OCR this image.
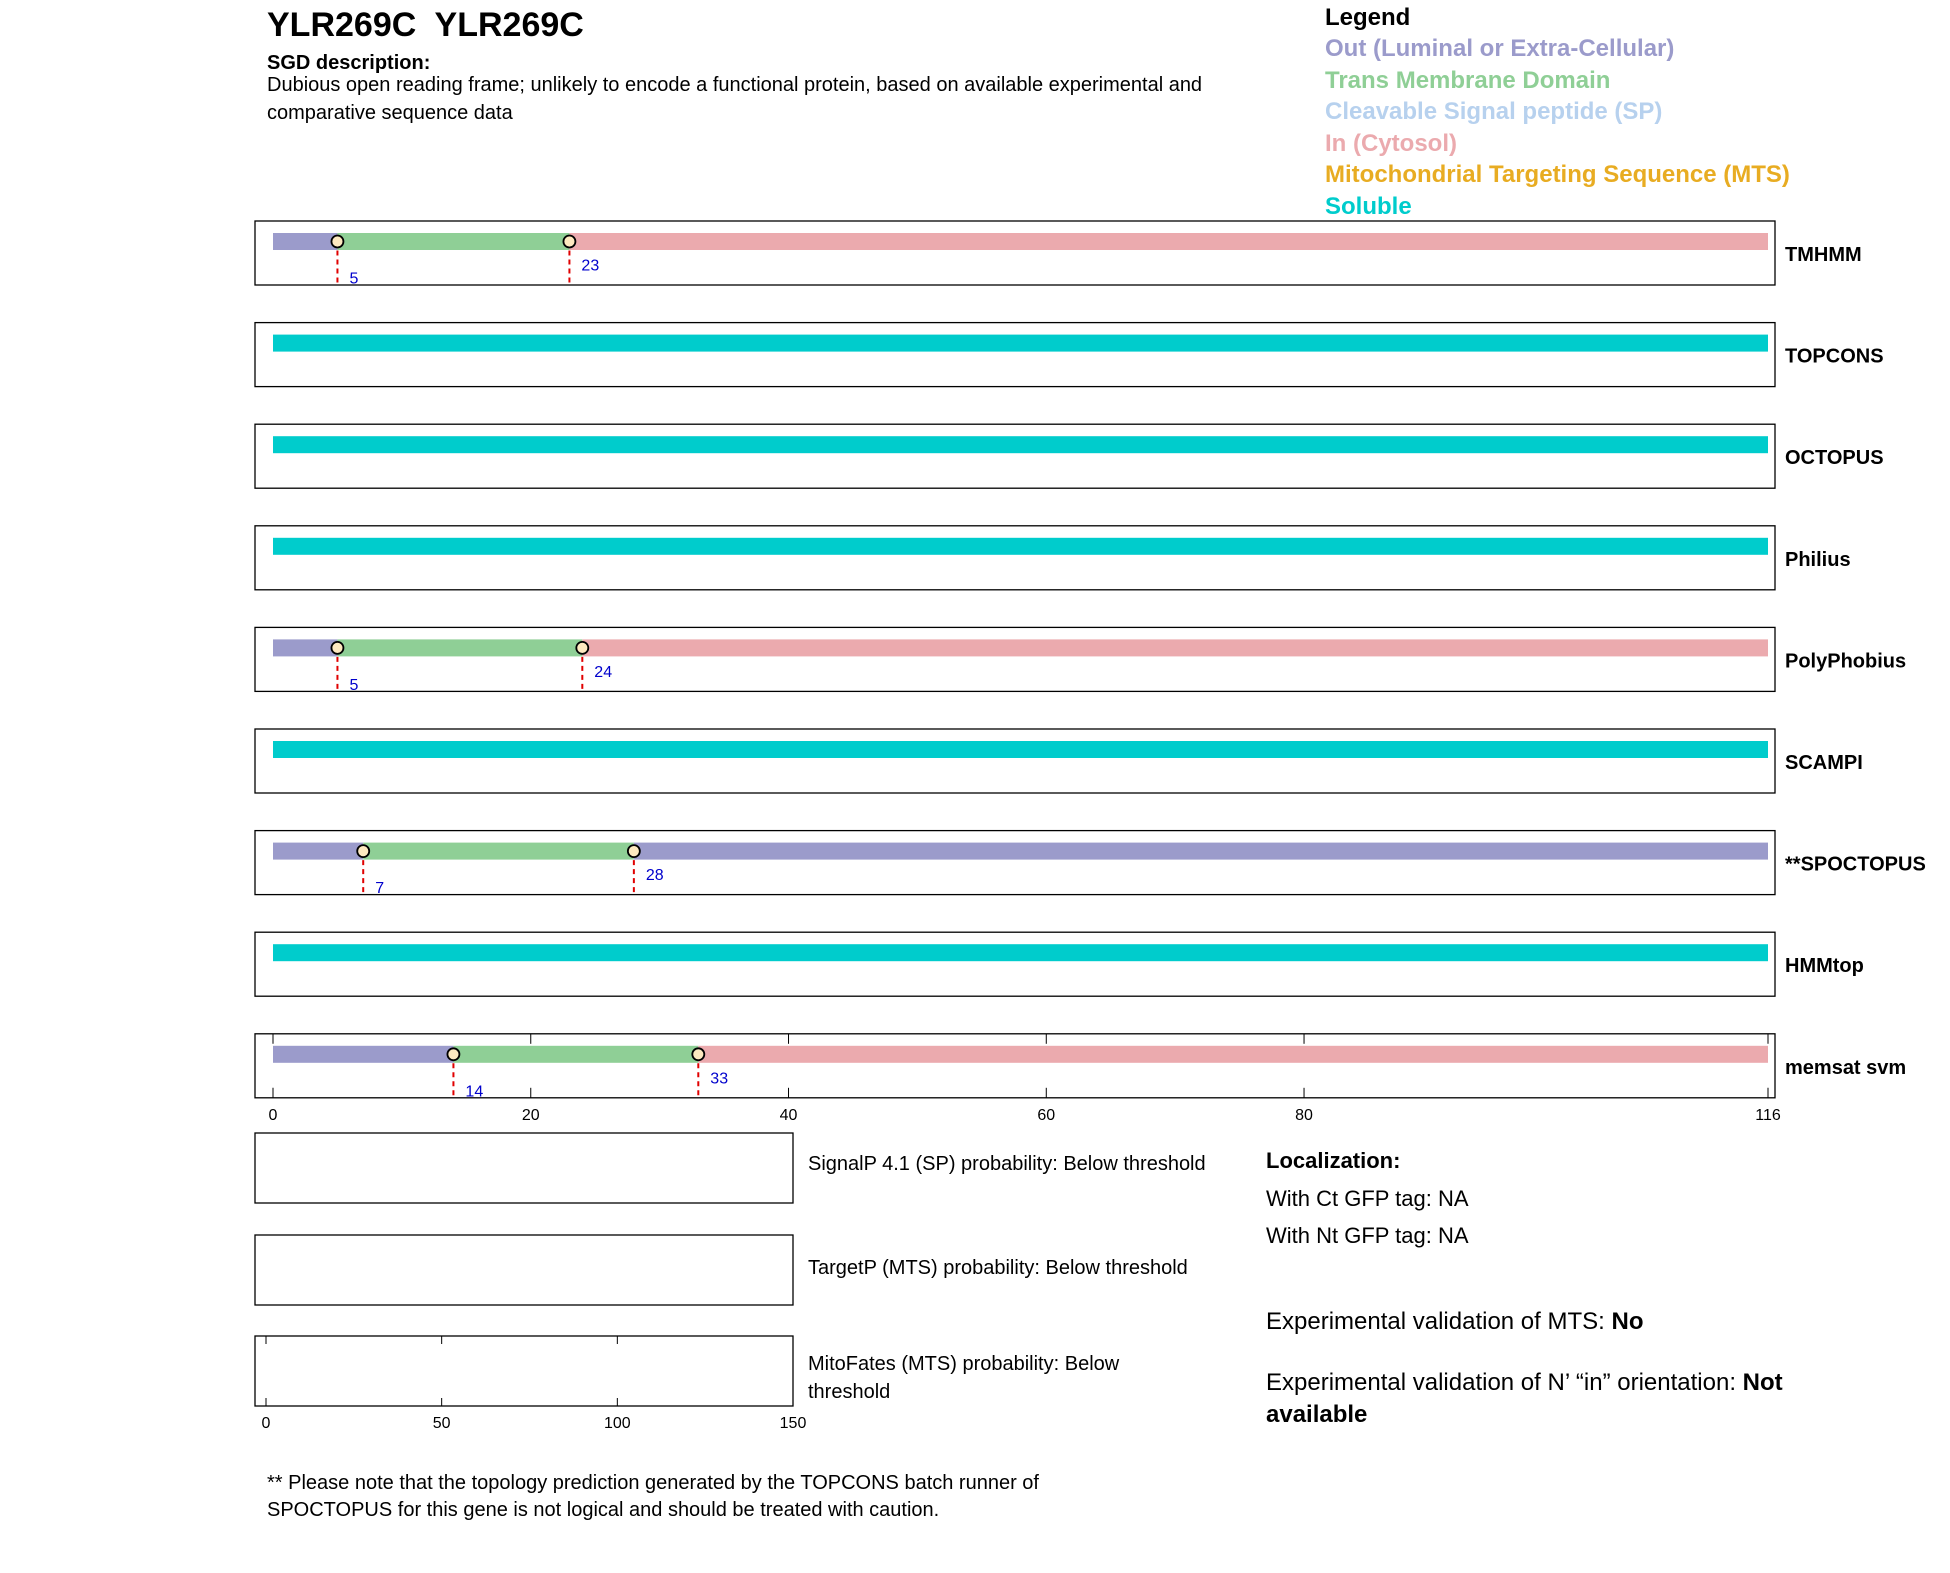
YLR269C  YLR269C
SGD description:
Dubious open reading frame; unlikely to encode a functional protein, based on available experimental and comparative sequence data
Legend
Out (Luminal or Extra-Cellular)
Trans Membrane Domain
Cleavable Signal peptide (SP)
In (Cytosol)
Mitochondrial Targeting Sequence (MTS)
Soluble
5
23	TMHMM
TOPCONS
OCTOPUS
Philius
5
24	PolyPhobius
SCAMPI
7
28	**SPOCTOPUS
HMMtop
14
33	memsat svm
0	20	40	60	80	116
0	50	100	150
Localization:
With Ct GFP tag: NA
With Nt GFP tag: NA
Experimental validation of MTS: No
Experimental validation of N’ “in” orientation: Not available
** Please note that the topology prediction generated by the TOPCONS batch runner of SPOCTOPUS for this gene is not logical and should be treated with caution.
SignalP 4.1 (SP) probability: Below threshold
TargetP (MTS) probability: Below threshold
MitoFates (MTS) probability: Below threshold
